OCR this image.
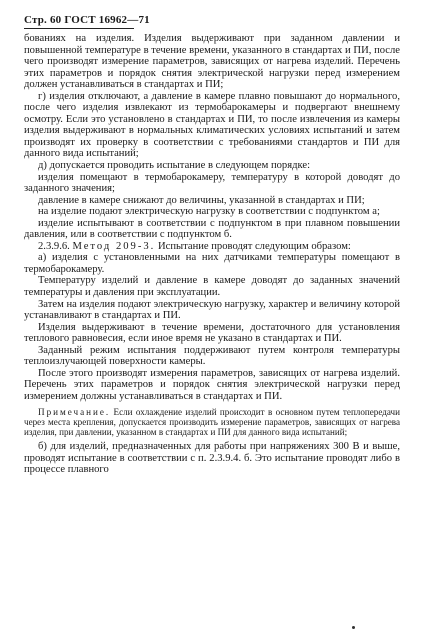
Стр. 60 ГОСТ 16962—71

бованиях на изделия. Изделия выдерживают при заданном давлении и повышенной температуре в течение времени, указанного в стандартах и ПИ, после чего производят измерение параметров, зависящих от нагрева изделий. Перечень этих параметров и порядок снятия электрической нагрузки перед измерением должен устанавливаться в стандартах и ПИ;

г) изделия отключают, а давление в камере плавно повышают до нормального, после чего изделия извлекают из термобарокамеры и подвергают внешнему осмотру. Если это установлено в стандартах и ПИ, то после извлечения из камеры изделия выдерживают в нормальных климатических условиях испытаний и затем производят их проверку в соответствии с требованиями стандартов и ПИ для данного вида испытаний;

д) допускается проводить испытание в следующем порядке:

изделия помещают в термобарокамеру, температуру в которой доводят до заданного значения;

давление в камере снижают до величины, указанной в стандартах и ПИ;

на изделие подают электрическую нагрузку в соответствии с подпунктом а;

изделие испытывают в соответствии с подпунктом в при плавном повышении давления, или в соответствии с подпунктом б.

2.3.9.6. Метод 209-3. Испытание проводят следующим образом:

а) изделия с установленными на них датчиками температуры помещают в термобарокамеру.

Температуру изделий и давление в камере доводят до заданных значений температуры и давления при эксплуатации.

Затем на изделия подают электрическую нагрузку, характер и величину которой устанавливают в стандартах и ПИ.

Изделия выдерживают в течение времени, достаточного для установления теплового равновесия, если иное время не указано в стандартах и ПИ.

Заданный режим испытания поддерживают путем контроля температуры теплоизлучающей поверхности камеры.

После этого производят измерения параметров, зависящих от нагрева изделий. Перечень этих параметров и порядок снятия электрической нагрузки перед измерением должны устанавливаться в стандартах и ПИ.

Примечание. Если охлаждение изделий происходит в основном путем теплопередачи через места крепления, допускается производить измерение параметров, зависящих от нагрева изделия, при давлении, указанном в стандартах и ПИ для данного вида испытаний;

б) для изделий, предназначенных для работы при напряжениях 300 В и выше, проводят испытание в соответствии с п. 2.3.9.4. б. Это испытание проводят либо в процессе плавного
